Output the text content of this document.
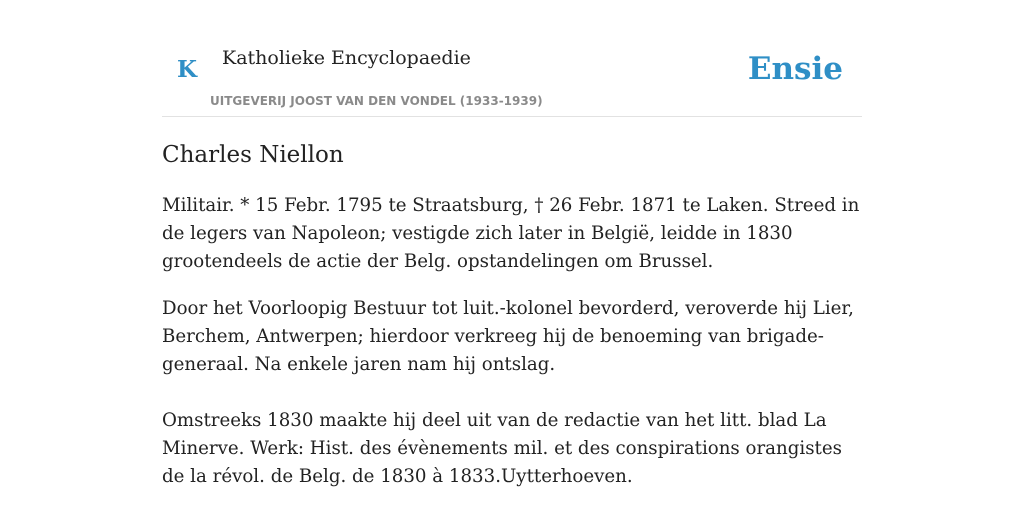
K Katholieke Encyclopaedie
UITGEVERIJ JOOST VAN DEN VONDEL (1933-1939)
Ensie
Charles Niellon

Militair. * 15 Febr. 1795 te Straatsburg, † 26 Febr. 1871 te Laken. Streed in de legers van Napoleon; vestigde zich later in België, leidde in 1830 grootendeels de actie der Belg. opstandelingen om Brussel.

Door het Voorloopig Bestuur tot luit.-kolonel bevorderd, veroverde hij Lier, Berchem, Antwerpen; hierdoor verkreeg hij de benoeming van brigade-generaal. Na enkele jaren nam hij ontslag.

Omstreeks 1830 maakte hij deel uit van de redactie van het litt. blad La Minerve. Werk: Hist. des évènements mil. et des conspirations orangistes de la révol. de Belg. de 1830 à 1833.Uytterhoeven.
